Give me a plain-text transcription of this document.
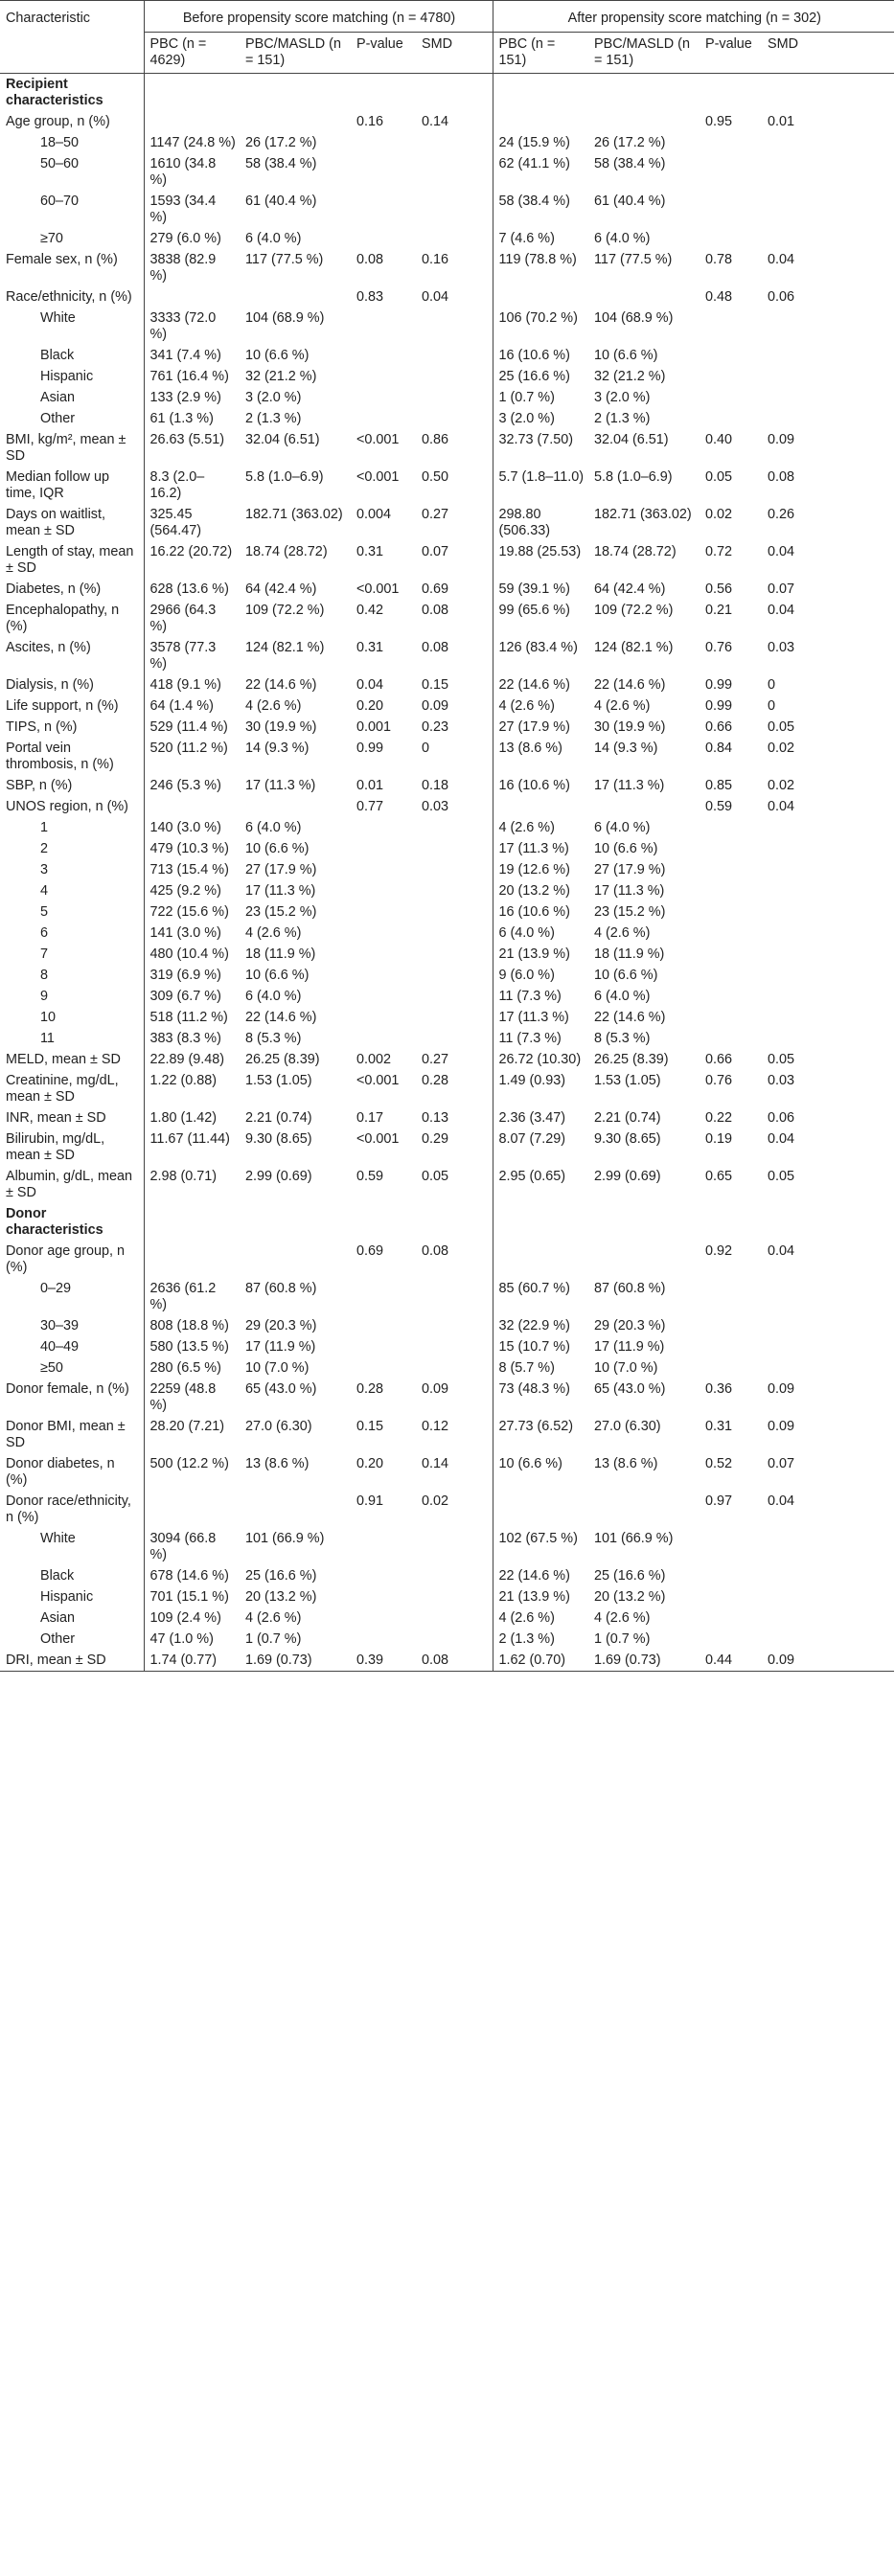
Characteristic	Before propensity score matching (n = 4780)				After propensity score matching (n = 302)			
	PBC (n = 4629)	PBC/MASLD (n = 151)	P-value	SMD	PBC (n = 151)	PBC/MASLD (n = 151)	P-value	SMD
Recipient characteristics								
Age group, n (%)			0.16	0.14			0.95	0.01
18–50	1147 (24.8 %)	26 (17.2 %)			24 (15.9 %)	26 (17.2 %)		
50–60	1610 (34.8 %)	58 (38.4 %)			62 (41.1 %)	58 (38.4 %)		
60–70	1593 (34.4 %)	61 (40.4 %)			58 (38.4 %)	61 (40.4 %)		
≥70	279 (6.0 %)	6 (4.0 %)			7 (4.6 %)	6 (4.0 %)		
Female sex, n (%)	3838 (82.9 %)	117 (77.5 %)	0.08	0.16	119 (78.8 %)	117 (77.5 %)	0.78	0.04
Race/ethnicity, n (%)			0.83	0.04			0.48	0.06
White	3333 (72.0 %)	104 (68.9 %)			106 (70.2 %)	104 (68.9 %)		
Black	341 (7.4 %)	10 (6.6 %)			16 (10.6 %)	10 (6.6 %)		
Hispanic	761 (16.4 %)	32 (21.2 %)			25 (16.6 %)	32 (21.2 %)		
Asian	133 (2.9 %)	3 (2.0 %)			1 (0.7 %)	3 (2.0 %)		
Other	61 (1.3 %)	2 (1.3 %)			3 (2.0 %)	2 (1.3 %)		
BMI, kg/m², mean ± SD	26.63 (5.51)	32.04 (6.51)	<0.001	0.86	32.73 (7.50)	32.04 (6.51)	0.40	0.09
Median follow up time, IQR	8.3 (2.0–16.2)	5.8 (1.0–6.9)	<0.001	0.50	5.7 (1.8–11.0)	5.8 (1.0–6.9)	0.05	0.08
Days on waitlist, mean ± SD	325.45 (564.47)	182.71 (363.02)	0.004	0.27	298.80 (506.33)	182.71 (363.02)	0.02	0.26
Length of stay, mean ± SD	16.22 (20.72)	18.74 (28.72)	0.31	0.07	19.88 (25.53)	18.74 (28.72)	0.72	0.04
Diabetes, n (%)	628 (13.6 %)	64 (42.4 %)	<0.001	0.69	59 (39.1 %)	64 (42.4 %)	0.56	0.07
Encephalopathy, n (%)	2966 (64.3 %)	109 (72.2 %)	0.42	0.08	99 (65.6 %)	109 (72.2 %)	0.21	0.04
Ascites, n (%)	3578 (77.3 %)	124 (82.1 %)	0.31	0.08	126 (83.4 %)	124 (82.1 %)	0.76	0.03
Dialysis, n (%)	418 (9.1 %)	22 (14.6 %)	0.04	0.15	22 (14.6 %)	22 (14.6 %)	0.99	0
Life support, n (%)	64 (1.4 %)	4 (2.6 %)	0.20	0.09	4 (2.6 %)	4 (2.6 %)	0.99	0
TIPS, n (%)	529 (11.4 %)	30 (19.9 %)	0.001	0.23	27 (17.9 %)	30 (19.9 %)	0.66	0.05
Portal vein thrombosis, n (%)	520 (11.2 %)	14 (9.3 %)	0.99	0	13 (8.6 %)	14 (9.3 %)	0.84	0.02
SBP, n (%)	246 (5.3 %)	17 (11.3 %)	0.01	0.18	16 (10.6 %)	17 (11.3 %)	0.85	0.02
UNOS region, n (%)			0.77	0.03			0.59	0.04
1	140 (3.0 %)	6 (4.0 %)			4 (2.6 %)	6 (4.0 %)		
2	479 (10.3 %)	10 (6.6 %)			17 (11.3 %)	10 (6.6 %)		
3	713 (15.4 %)	27 (17.9 %)			19 (12.6 %)	27 (17.9 %)		
4	425 (9.2 %)	17 (11.3 %)			20 (13.2 %)	17 (11.3 %)		
5	722 (15.6 %)	23 (15.2 %)			16 (10.6 %)	23 (15.2 %)		
6	141 (3.0 %)	4 (2.6 %)			6 (4.0 %)	4 (2.6 %)		
7	480 (10.4 %)	18 (11.9 %)			21 (13.9 %)	18 (11.9 %)		
8	319 (6.9 %)	10 (6.6 %)			9 (6.0 %)	10 (6.6 %)		
9	309 (6.7 %)	6 (4.0 %)			11 (7.3 %)	6 (4.0 %)		
10	518 (11.2 %)	22 (14.6 %)			17 (11.3 %)	22 (14.6 %)		
11	383 (8.3 %)	8 (5.3 %)			11 (7.3 %)	8 (5.3 %)		
MELD, mean ± SD	22.89 (9.48)	26.25 (8.39)	0.002	0.27	26.72 (10.30)	26.25 (8.39)	0.66	0.05
Creatinine, mg/dL, mean ± SD	1.22 (0.88)	1.53 (1.05)	<0.001	0.28	1.49 (0.93)	1.53 (1.05)	0.76	0.03
INR, mean ± SD	1.80 (1.42)	2.21 (0.74)	0.17	0.13	2.36 (3.47)	2.21 (0.74)	0.22	0.06
Bilirubin, mg/dL, mean ± SD	11.67 (11.44)	9.30 (8.65)	<0.001	0.29	8.07 (7.29)	9.30 (8.65)	0.19	0.04
Albumin, g/dL, mean ± SD	2.98 (0.71)	2.99 (0.69)	0.59	0.05	2.95 (0.65)	2.99 (0.69)	0.65	0.05
Donor characteristics								
Donor age group, n (%)			0.69	0.08			0.92	0.04
0–29	2636 (61.2 %)	87 (60.8 %)			85 (60.7 %)	87 (60.8 %)		
30–39	808 (18.8 %)	29 (20.3 %)			32 (22.9 %)	29 (20.3 %)		
40–49	580 (13.5 %)	17 (11.9 %)			15 (10.7 %)	17 (11.9 %)		
≥50	280 (6.5 %)	10 (7.0 %)			8 (5.7 %)	10 (7.0 %)		
Donor female, n (%)	2259 (48.8 %)	65 (43.0 %)	0.28	0.09	73 (48.3 %)	65 (43.0 %)	0.36	0.09
Donor BMI, mean ± SD	28.20 (7.21)	27.0 (6.30)	0.15	0.12	27.73 (6.52)	27.0 (6.30)	0.31	0.09
Donor diabetes, n (%)	500 (12.2 %)	13 (8.6 %)	0.20	0.14	10 (6.6 %)	13 (8.6 %)	0.52	0.07
Donor race/ethnicity, n (%)			0.91	0.02			0.97	0.04
White	3094 (66.8 %)	101 (66.9 %)			102 (67.5 %)	101 (66.9 %)		
Black	678 (14.6 %)	25 (16.6 %)			22 (14.6 %)	25 (16.6 %)		
Hispanic	701 (15.1 %)	20 (13.2 %)			21 (13.9 %)	20 (13.2 %)		
Asian	109 (2.4 %)	4 (2.6 %)			4 (2.6 %)	4 (2.6 %)		
Other	47 (1.0 %)	1 (0.7 %)			2 (1.3 %)	1 (0.7 %)		
DRI, mean ± SD	1.74 (0.77)	1.69 (0.73)	0.39	0.08	1.62 (0.70)	1.69 (0.73)	0.44	0.09
